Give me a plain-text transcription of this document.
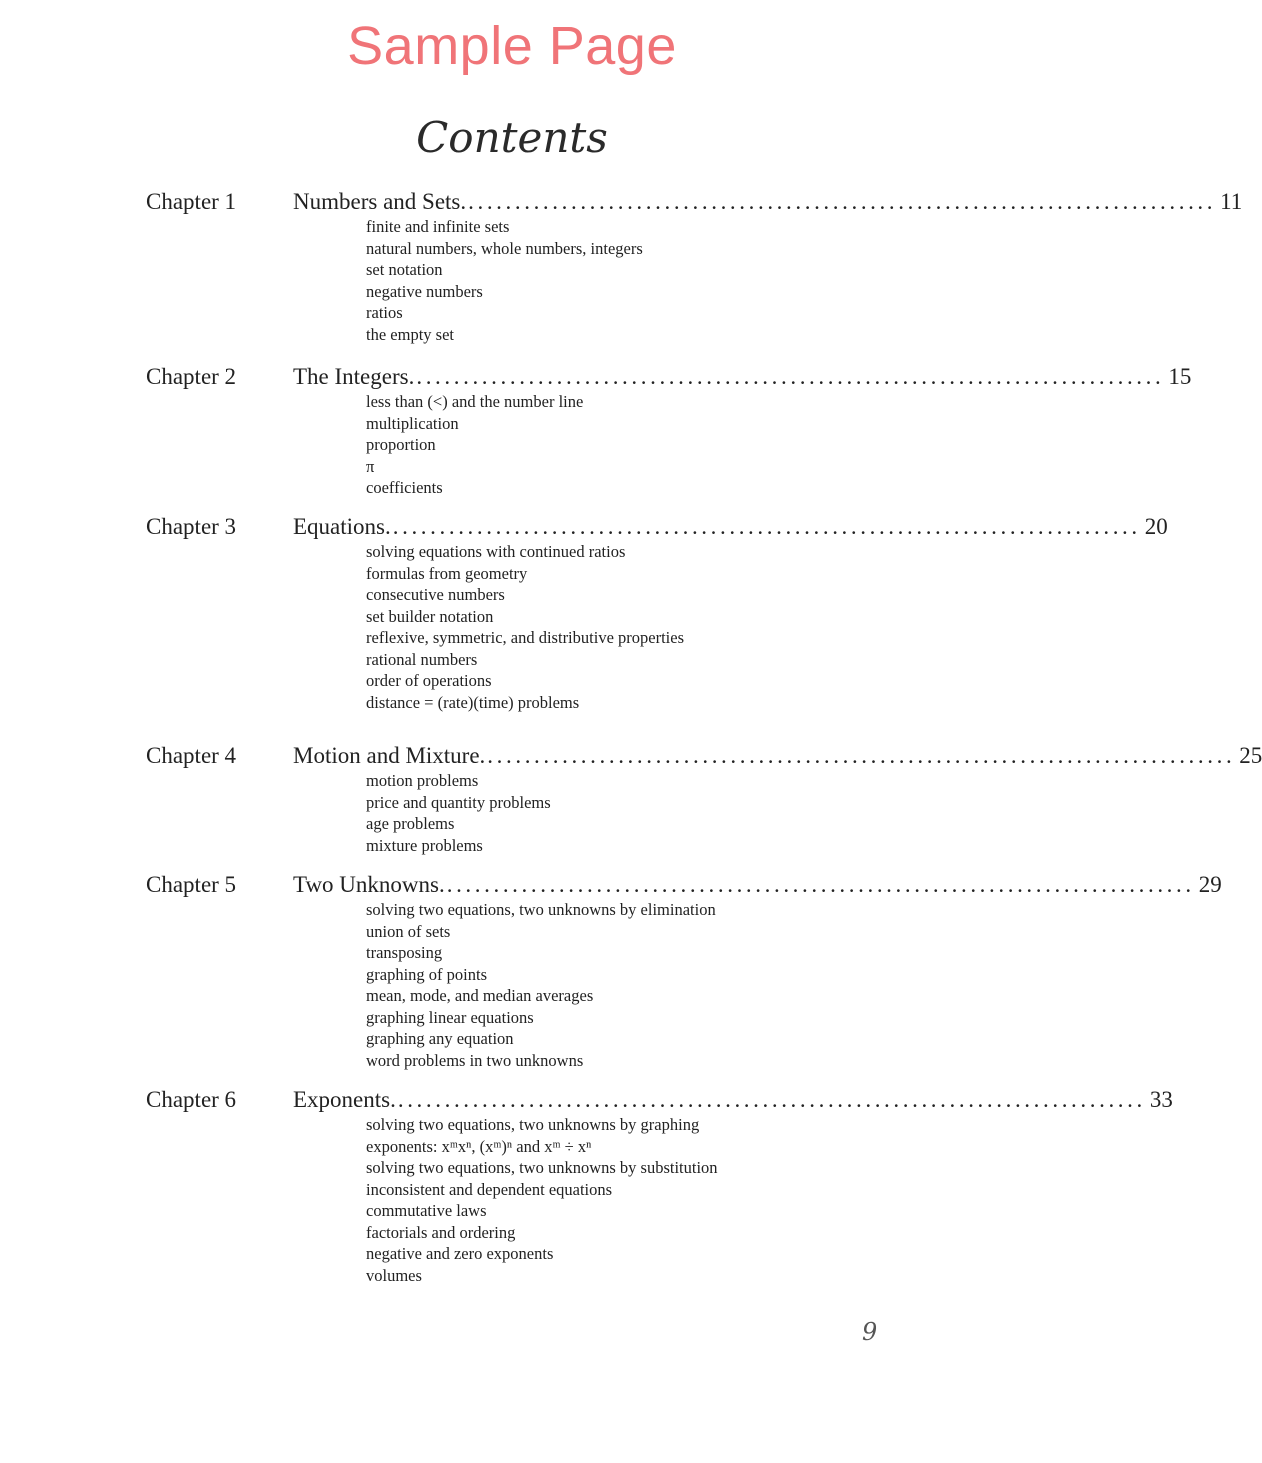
Sample Page
Contents
Chapter 1	Numbers and Sets. ................................................................................ 11
finite and infinite sets
natural numbers, whole numbers, integers
set notation
negative numbers
ratios
the empty set
Chapter 2	The Integers. ................................................................................ 15
less than (<) and the number line
multiplication
proportion
π
coefficients
Chapter 3	Equations. ................................................................................ 20
solving equations with continued ratios
formulas from geometry
consecutive numbers
set builder notation
reflexive, symmetric, and distributive properties
rational numbers
order of operations
distance = (rate)(time) problems
Chapter 4	Motion and Mixture. ................................................................................ 25
motion problems
price and quantity problems
age problems
mixture problems
Chapter 5	Two Unknowns. ................................................................................ 29
solving two equations, two unknowns by elimination
union of sets
transposing
graphing of points
mean, mode, and median averages
graphing linear equations
graphing any equation
word problems in two unknowns
Chapter 6	Exponents. ................................................................................ 33
solving two equations, two unknowns by graphing
exponents: xᵐxⁿ, (xᵐ)ⁿ and xᵐ ÷ xⁿ
solving two equations, two unknowns by substitution
inconsistent and dependent equations
commutative laws
factorials and ordering
negative and zero exponents
volumes
9
